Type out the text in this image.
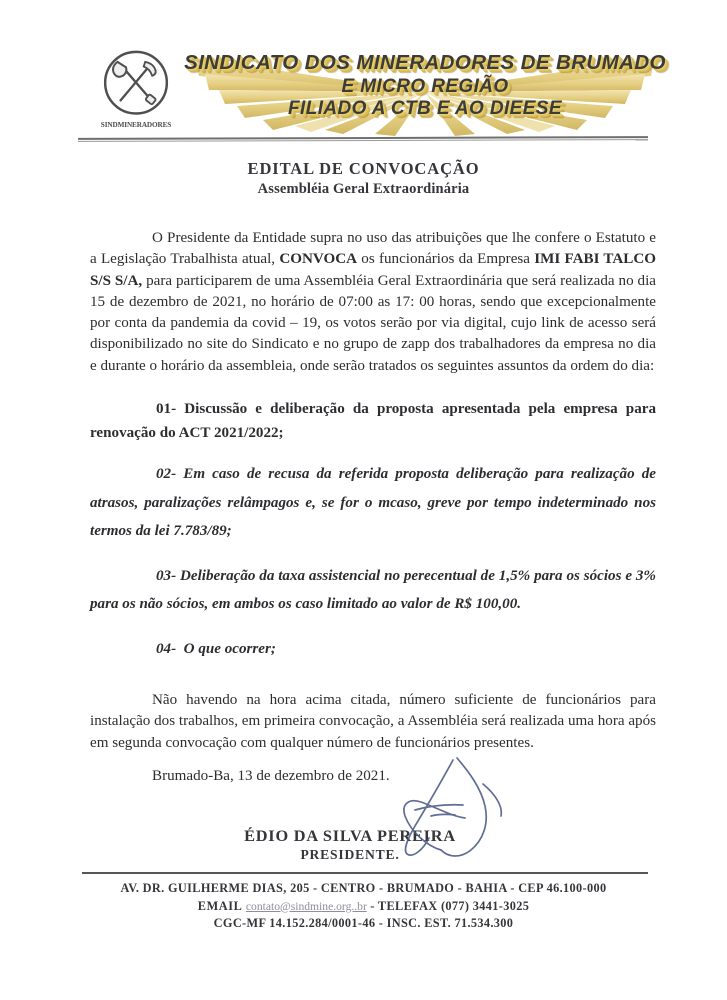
SINDMINERADORES
SINDICATO DOS MINERADORES DE BRUMADO
E MICRO REGIÃO
FILIADO A CTB E AO DIEESE
EDITAL DE CONVOCAÇÃO
Assembléia Geral Extraordinária

O Presidente da Entidade supra no uso das atribuições que lhe confere o Estatuto e a Legislação Trabalhista atual, CONVOCA os funcionários da Empresa IMI FABI TALCO S/S S/A, para participarem de uma Assembléia Geral Extraordinária que será realizada no dia 15 de dezembro de 2021, no horário de 07:00 as 17: 00 horas, sendo que excepcionalmente por conta da pandemia da covid – 19, os votos serão por via digital, cujo link de acesso será disponibilizado no site do Sindicato e no grupo de zapp dos trabalhadores da empresa no dia e durante o horário da assembleia, onde serão tratados os seguintes assuntos da ordem do dia:

01- Discussão e deliberação da proposta apresentada pela empresa para renovação do ACT 2021/2022;

02- Em caso de recusa da referida proposta deliberação para realização de atrasos, paralizações relâmpagos e, se for o mcaso, greve por tempo indeterminado nos termos da lei 7.783/89;

03- Deliberação da taxa assistencial no perecentual de 1,5% para os sócios e 3% para os não sócios, em ambos os caso limitado ao valor de R$ 100,00.

04- O que ocorrer;

Não havendo na hora acima citada, número suficiente de funcionários para instalação dos trabalhos, em primeira convocação, a Assembléia será realizada uma hora após em segunda convocação com qualquer número de funcionários presentes.

Brumado-Ba, 13 de dezembro de 2021.
ÉDIO DA SILVA PEREIRA
PRESIDENTE.
AV. DR. GUILHERME DIAS, 205 - CENTRO - BRUMADO - BAHIA - CEP 46.100-000
EMAIL contato@sindmine.org..br - TELEFAX (077) 3441-3025
CGC-MF 14.152.284/0001-46 - INSC. EST. 71.534.300
